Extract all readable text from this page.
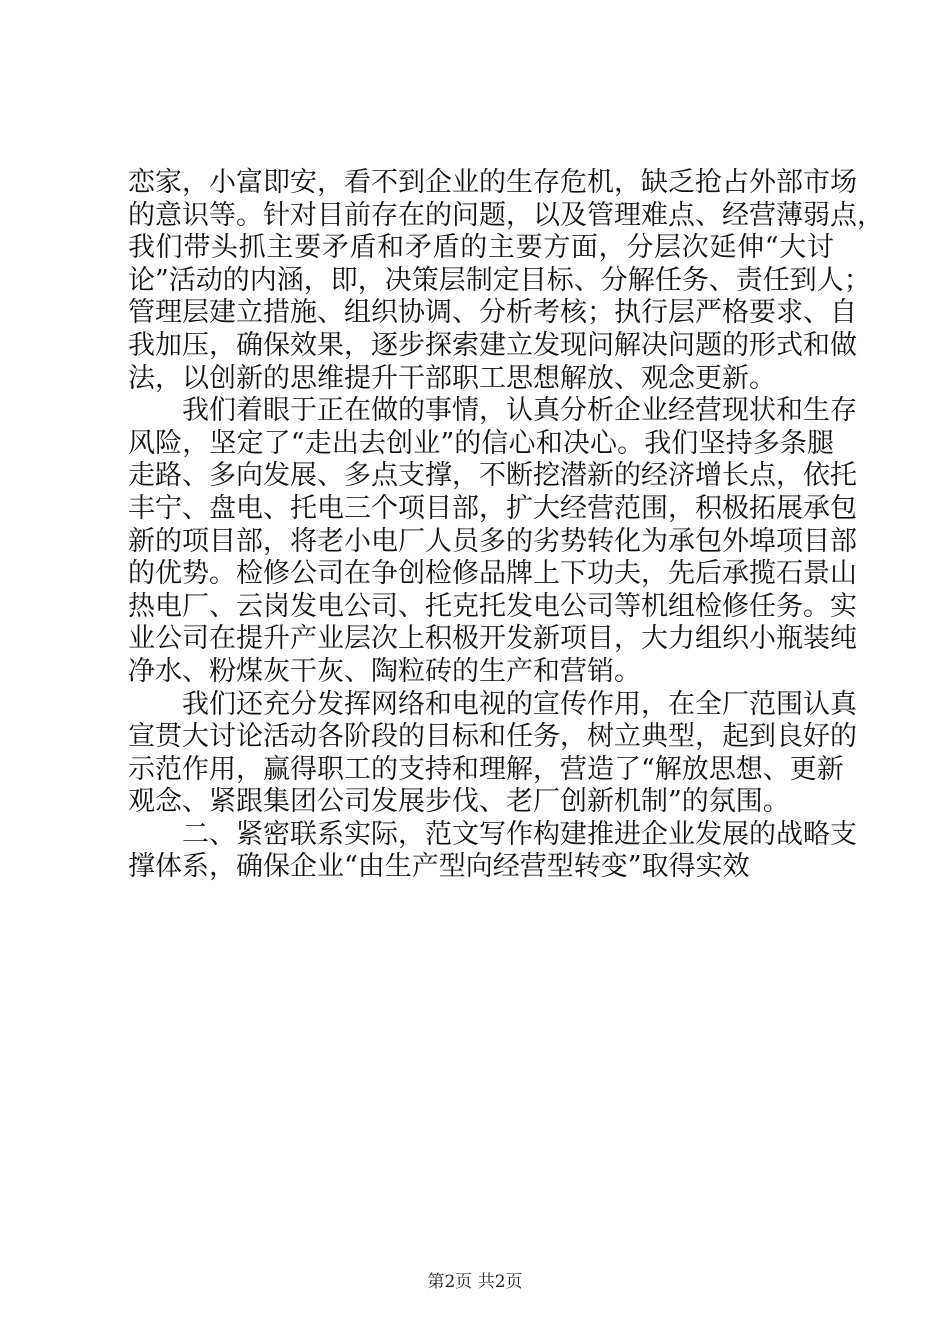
恋家，小富即安，看不到企业的生存危机，缺乏抢占外部市场
的意识等。针对目前存在的问题，以及管理难点、经营薄弱点，
我们带头抓主要矛盾和矛盾的主要方面，分层次延伸“大讨
论”活动的内涵，即，决策层制定目标、分解任务、责任到人；
管理层建立措施、组织协调、分析考核；执行层严格要求、自
我加压，确保效果，逐步探索建立发现问解决问题的形式和做
法，以创新的思维提升干部职工思想解放、观念更新。
　　我们着眼于正在做的事情，认真分析企业经营现状和生存
风险，坚定了“走出去创业”的信心和决心。我们坚持多条腿
走路、多向发展、多点支撑，不断挖潜新的经济增长点，依托
丰宁、盘电、托电三个项目部，扩大经营范围，积极拓展承包
新的项目部，将老小电厂人员多的劣势转化为承包外埠项目部
的优势。检修公司在争创检修品牌上下功夫，先后承揽石景山
热电厂、云岗发电公司、托克托发电公司等机组检修任务。实
业公司在提升产业层次上积极开发新项目，大力组织小瓶装纯
净水、粉煤灰干灰、陶粒砖的生产和营销。
　　我们还充分发挥网络和电视的宣传作用，在全厂范围认真
宣贯大讨论活动各阶段的目标和任务，树立典型，起到良好的
示范作用，赢得职工的支持和理解，营造了“解放思想、更新
观念、紧跟集团公司发展步伐、老厂创新机制”的氛围。
　　二、紧密联系实际，范文写作构建推进企业发展的战略支
撑体系，确保企业“由生产型向经营型转变”取得实效
第2页 共2页
